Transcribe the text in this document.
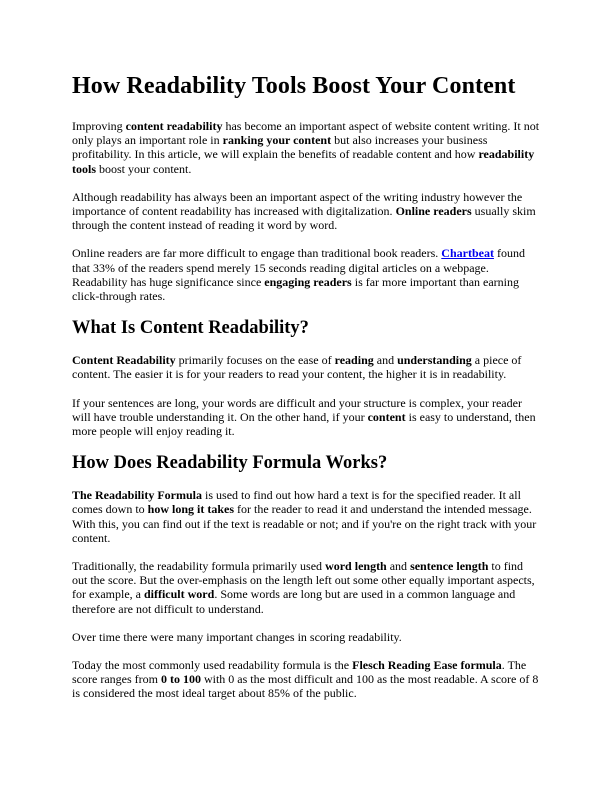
How Readability Tools Boost Your Content

Improving content readability has become an important aspect of website content writing. It not only plays an important role in ranking your content but also increases your business profitability. In this article, we will explain the benefits of readable content and how readability tools boost your content.

Although readability has always been an important aspect of the writing industry however the importance of content readability has increased with digitalization. Online readers usually skim through the content instead of reading it word by word.

Online readers are far more difficult to engage than traditional book readers. Chartbeat found that 33% of the readers spend merely 15 seconds reading digital articles on a webpage. Readability has huge significance since engaging readers is far more important than earning click-through rates.

What Is Content Readability?

Content Readability primarily focuses on the ease of reading and understanding a piece of content. The easier it is for your readers to read your content, the higher it is in readability.

If your sentences are long, your words are difficult and your structure is complex, your reader will have trouble understanding it. On the other hand, if your content is easy to understand, then more people will enjoy reading it.

How Does Readability Formula Works?

The Readability Formula is used to find out how hard a text is for the specified reader. It all comes down to how long it takes for the reader to read it and understand the intended message. With this, you can find out if the text is readable or not; and if you're on the right track with your content.

Traditionally, the readability formula primarily used word length and sentence length to find out the score. But the over-emphasis on the length left out some other equally important aspects, for example, a difficult word. Some words are long but are used in a common language and therefore are not difficult to understand.

Over time there were many important changes in scoring readability.

Today the most commonly used readability formula is the Flesch Reading Ease formula. The score ranges from 0 to 100 with 0 as the most difficult and 100 as the most readable. A score of 8 is considered the most ideal target about 85% of the public.
